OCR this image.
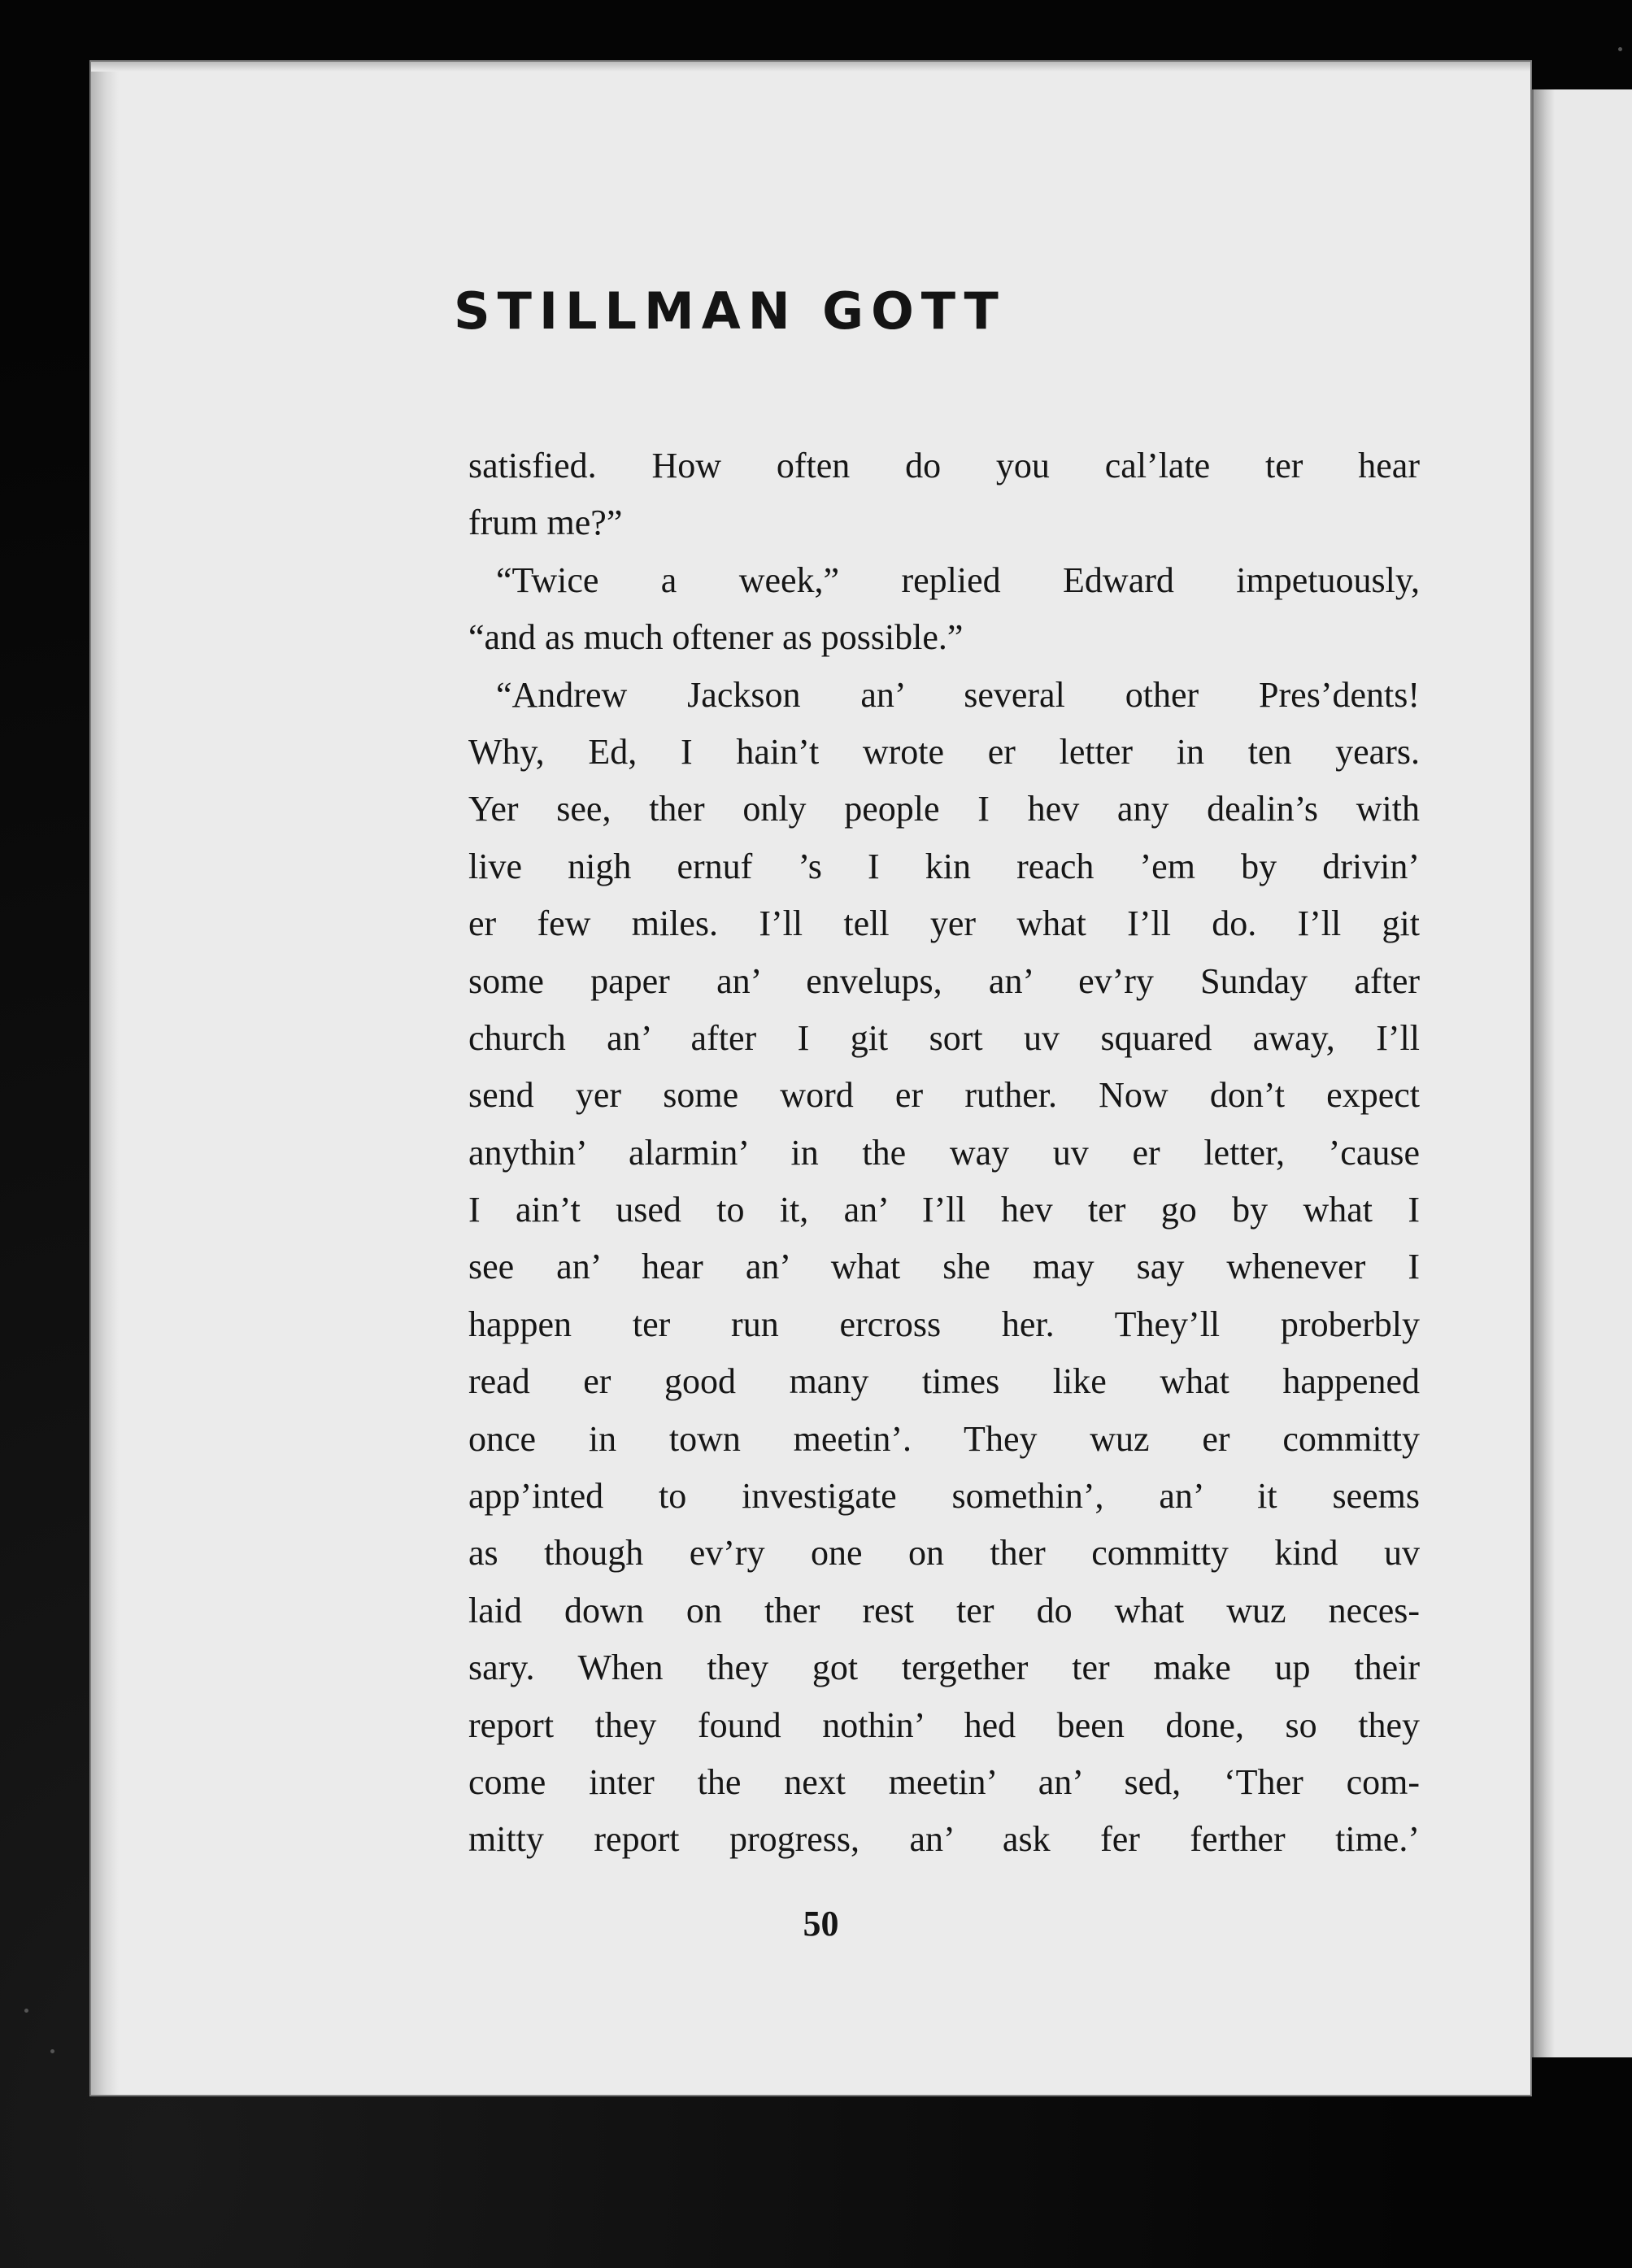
STILLMAN GOTT
satisfied. How often do you cal’late ter hear
frum me?”
“Twice a week,” replied Edward impetuously,
“and as much oftener as possible.”
“Andrew Jackson an’ several other Pres’dents!
Why, Ed, I hain’t wrote er letter in ten years.
Yer see, ther only people I hev any dealin’s with
live nigh ernuf ’s I kin reach ’em by drivin’
er few miles. I’ll tell yer what I’ll do. I’ll git
some paper an’ envelups, an’ ev’ry Sunday after
church an’ after I git sort uv squared away, I’ll
send yer some word er ruther. Now don’t expect
anythin’ alarmin’ in the way uv er letter, ’cause
I ain’t used to it, an’ I’ll hev ter go by what I
see an’ hear an’ what she may say whenever I
happen ter run ercross her. They’ll proberbly
read er good many times like what happened
once in town meetin’. They wuz er committy
app’inted to investigate somethin’, an’ it seems
as though ev’ry one on ther committy kind uv
laid down on ther rest ter do what wuz neces-
sary. When they got tergether ter make up their
report they found nothin’ hed been done, so they
come inter the next meetin’ an’ sed, ‘Ther com-
mitty report progress, an’ ask fer ferther time.’
50
